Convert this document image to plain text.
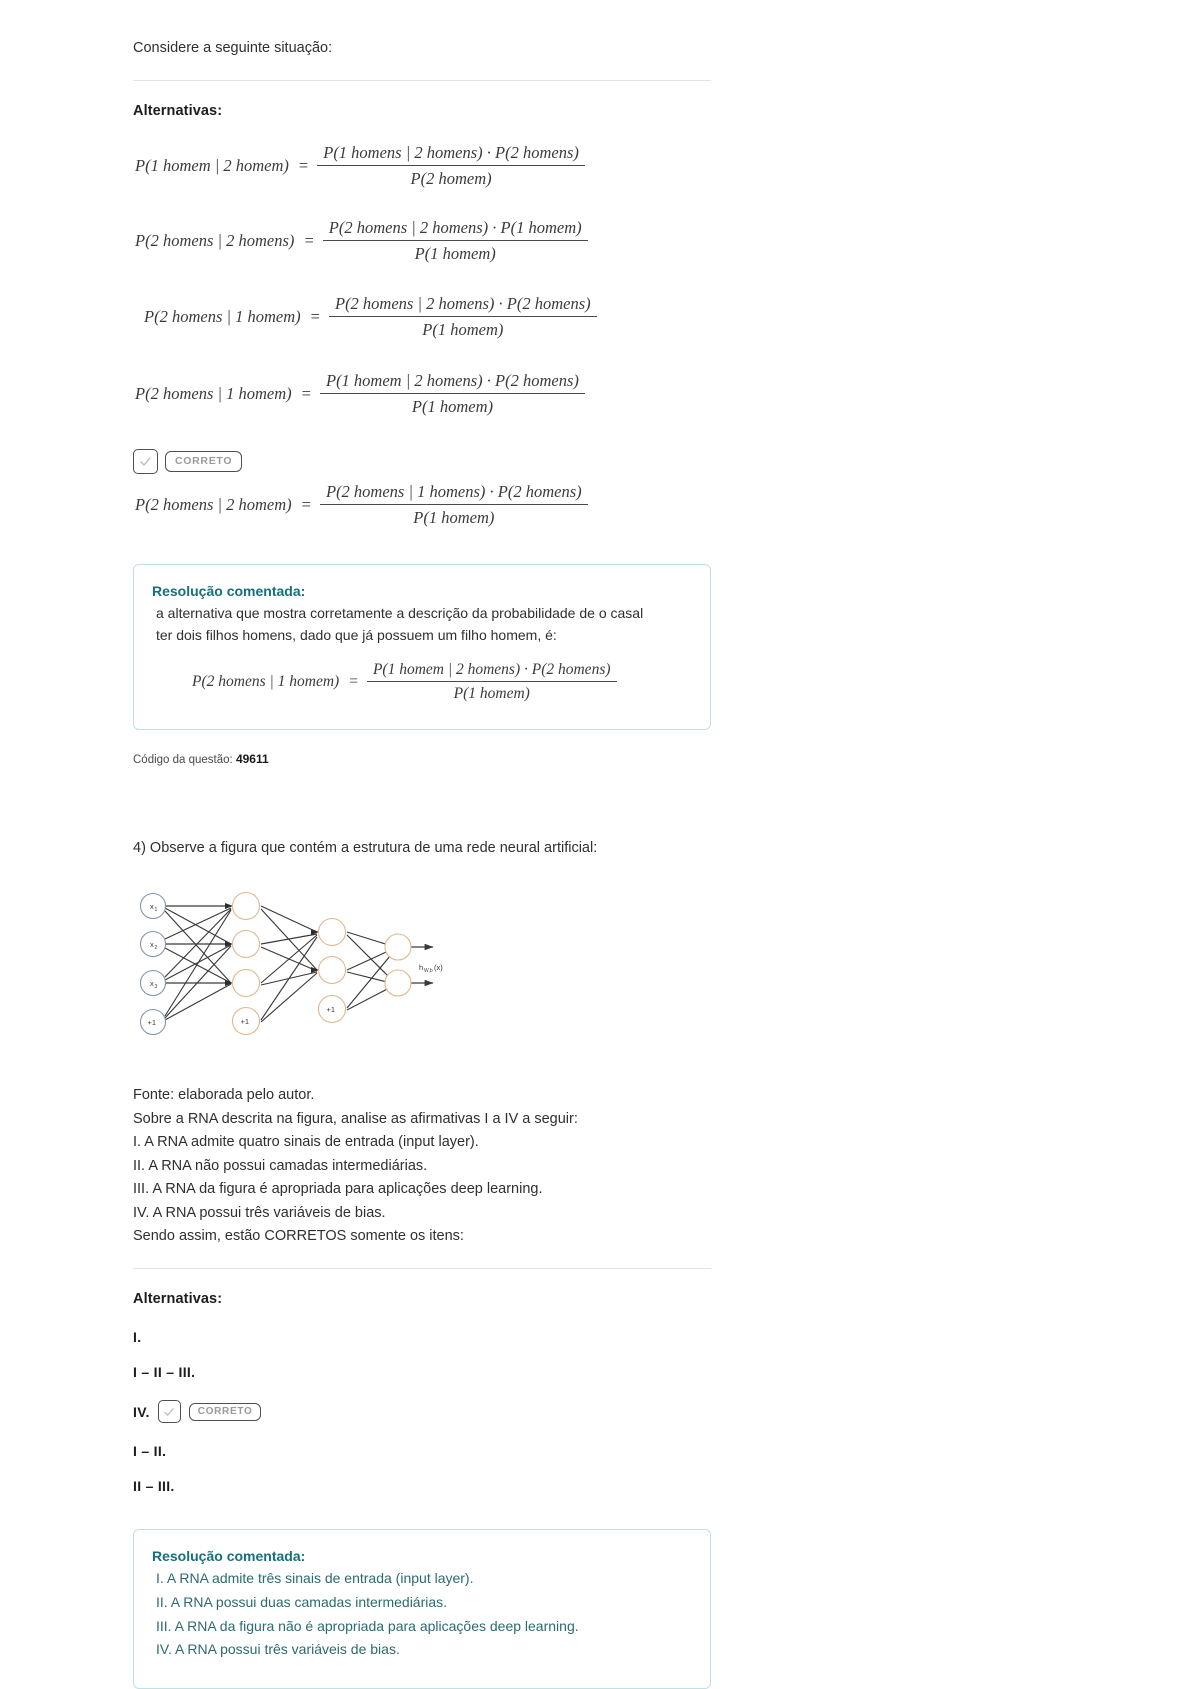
Considere a seguinte situação:
Alternativas:
P(1 homem | 2 homem) = $\frac{\text{P(1 homens | 2 homens) · P(2 homens)}}{\text{P(2 homem)}}$
P(2 homens | 2 homens) = $\frac{\text{P(2 homens | 2 homens) · P(1 homem)}}{\text{P(1 homem)}}$
P(2 homens | 1 homem) = $\frac{\text{P(2 homens | 2 homens) · P(2 homens)}}{\text{P(1 homem)}}$
P(2 homens | 1 homem) = $\frac{\text{P(1 homem | 2 homens) · P(2 homens)}}{\text{P(1 homem)}}$
CORRETO
P(2 homens | 2 homem) = $\frac{\text{P(2 homens | 1 homens) · P(2 homens)}}{\text{P(1 homem)}}$
Resolução comentada:

a alternativa que mostra corretamente a descrição da probabilidade de o casal

ter dois filhos homens, dado que já possuem um filho homem, é:

P(2 homens | 1 homem) = $\frac{\text{P(1 homem | 2 homens) · P(2 homens)}}{\text{P(1 homem)}}$
Código da questão: 49611
4) Observe a figura que contém a estrutura de uma rede neural artificial:
x 1
x 2
x 3
+1	+1
+1
h W,b (x)
Fonte: elaborada pelo autor.
Sobre a RNA descrita na figura, analise as afirmativas I a IV a seguir:
I. A RNA admite quatro sinais de entrada (input layer).
II. A RNA não possui camadas intermediárias.
III. A RNA da figura é apropriada para aplicações deep learning.
IV. A RNA possui três variáveis de bias.
Sendo assim, estão CORRETOS somente os itens:
Alternativas:
I.
I – II – III.
IV.	CORRETO
I – II.
II – III.
Resolução comentada:
I. A RNA admite três sinais de entrada (input layer).
II. A RNA possui duas camadas intermediárias.
III. A RNA da figura não é apropriada para aplicações deep learning.
IV. A RNA possui três variáveis de bias.
